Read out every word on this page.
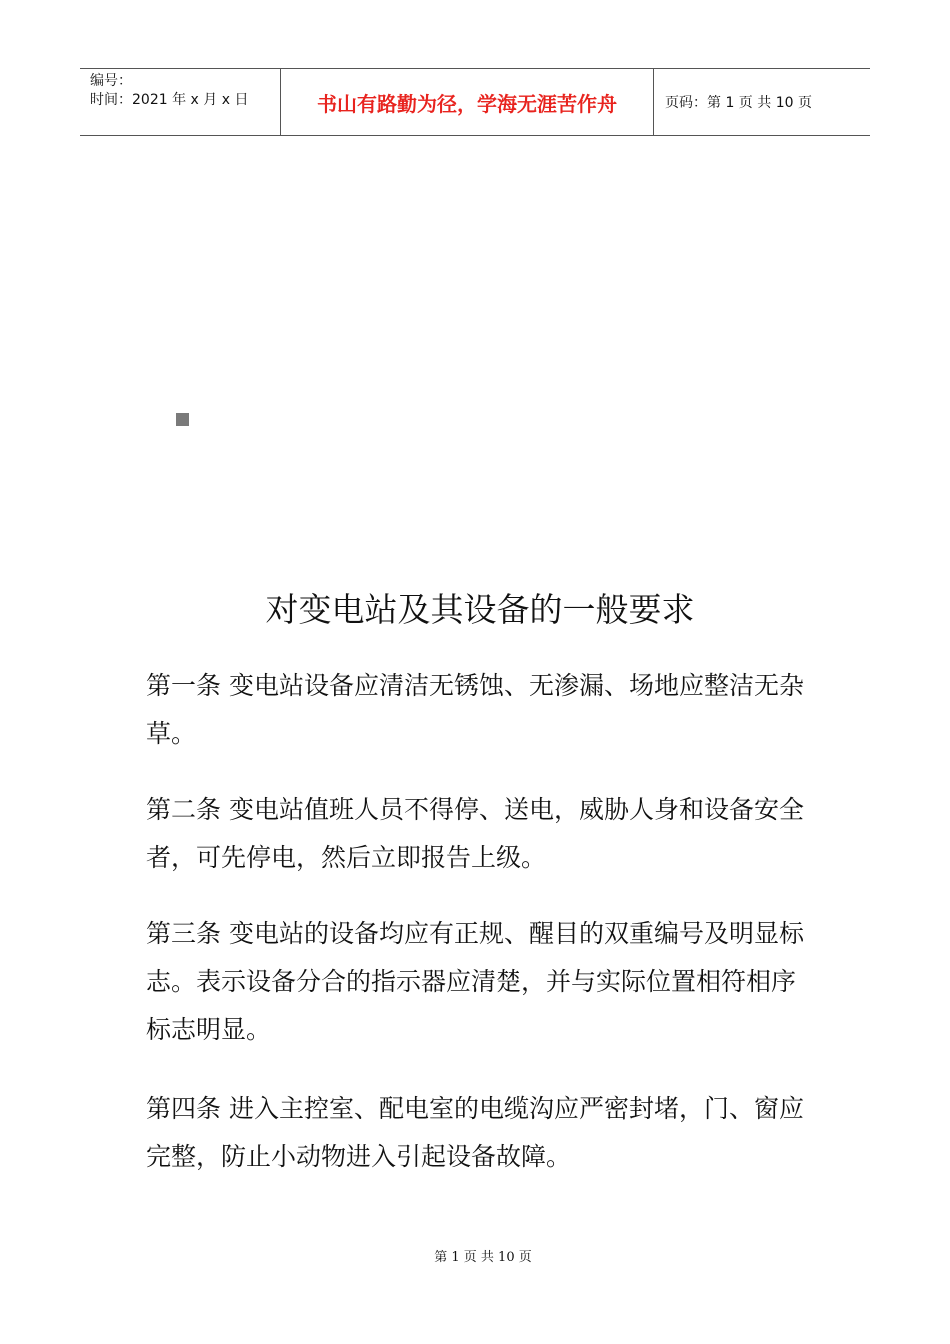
编号：
时间：2021 年 x 月 x 日	书山有路勤为径，学海无涯苦作舟	页码：第 1 页 共 10 页
对变电站及其设备的一般要求

第一条 变电站设备应清洁无锈蚀、无渗漏、场地应整洁无杂草。

第二条 变电站值班人员不得停、送电，威胁人身和设备安全者，可先停电，然后立即报告上级。

第三条 变电站的设备均应有正规、醒目的双重编号及明显标志。表示设备分合的指示器应清楚，并与实际位置相符相序标志明显。

第四条 进入主控室、配电室的电缆沟应严密封堵，门、窗应完整，防止小动物进入引起设备故障。

第 1 页 共 10 页
